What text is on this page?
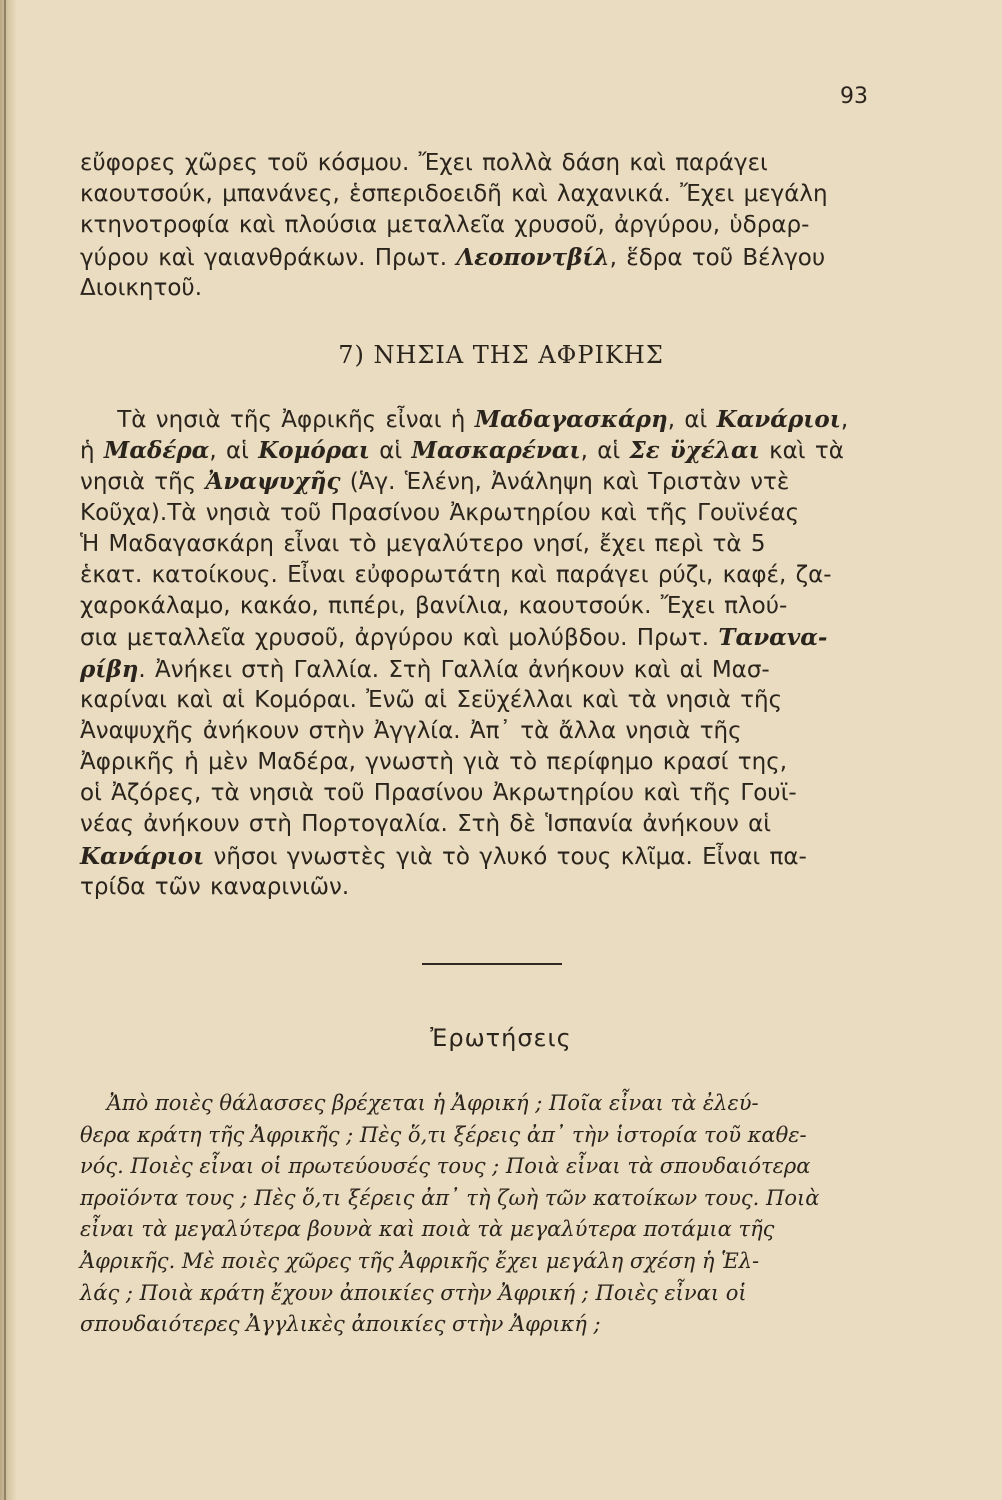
93
εὔφορες χῶρες τοῦ κόσμου. Ἔχει πολλὰ δάση καὶ παράγει
καουτσούκ, μπανάνες, ἑσπεριδοειδῆ καὶ λαχανικά. Ἔχει μεγάλη
κτηνοτροφία καὶ πλούσια μεταλλεῖα χρυσοῦ, ἀργύρου, ὑδραρ-
γύρου καὶ γαιανθράκων. Πρωτ. Λεοποντβίλ, ἕδρα τοῦ Βέλγου
Διοικητοῦ.
7) ΝΗΣΙΑ ΤΗΣ ΑΦΡΙΚΗΣ
Τὰ νησιὰ τῆς Ἀφρικῆς εἶναι ἡ Μαδαγασκάρη, αἱ Κανάριοι,
ἡ Μαδέρα, αἱ Κομόραι αἱ Μασκαρέναι, αἱ Σε ϋχέλαι καὶ τὰ
νησιὰ τῆς Ἀναψυχῆς (Ἁγ. Ἑλένη, Ἀνάληψη καὶ Τριστὰν ντὲ
Κοῦχα).Τὰ νησιὰ τοῦ Πρασίνου Ἀκρωτηρίου καὶ τῆς Γουϊνέας
Ἡ Μαδαγασκάρη εἶναι τὸ μεγαλύτερο νησί, ἔχει περὶ τὰ 5
ἑκατ. κατοίκους. Εἶναι εὐφορωτάτη καὶ παράγει ρύζι, καφέ, ζα-
χαροκάλαμο, κακάο, πιπέρι, βανίλια, καουτσούκ. Ἔχει πλού-
σια μεταλλεῖα χρυσοῦ, ἀργύρου καὶ μολύβδου. Πρωτ. Ταναvα-
ρίβη. Ἀνήκει στὴ Γαλλία. Στὴ Γαλλία ἀνήκουν καὶ αἱ Μασ-
καρίναι καὶ αἱ Κομόραι. Ἐνῶ αἱ Σεϋχέλλαι καὶ τὰ νησιὰ τῆς
Ἀναψυχῆς ἀνήκουν στὴν Ἀγγλία. Ἀπ᾽ τὰ ἄλλα νησιὰ τῆς
Ἀφρικῆς ἡ μὲν Μαδέρα, γνωστὴ γιὰ τὸ περίφημο κρασί της,
οἱ Ἀζόρες, τὰ νησιὰ τοῦ Πρασίνου Ἀκρωτηρίου καὶ τῆς Γουϊ-
νέας ἀνήκουν στὴ Πορτογαλία. Στὴ δὲ Ἱσπανία ἀνήκουν αἱ
Κανάριοι νῆσοι γνωστὲς γιὰ τὸ γλυκό τους κλῖμα. Εἶναι πα-
τρίδα τῶν καναρινιῶν.
Ἐρωτήσεις
Ἀπὸ ποιὲς θάλασσες βρέχεται ἡ Ἀφρική ; Ποῖα εἶναι τὰ ἐλεύ-
θερα κράτη τῆς Ἀφρικῆς ; Πὲς ὅ,τι ξέρεις ἀπ᾽ τὴν ἱστορία τοῦ καθε-
νός. Ποιὲς εἶναι οἱ πρωτεύουσές τους ; Ποιὰ εἶναι τὰ σπουδαιότερα
προϊόντα τους ; Πὲς ὅ,τι ξέρεις ἀπ᾽ τὴ ζωὴ τῶν κατοίκων τους. Ποιὰ
εἶναι τὰ μεγαλύτερα βουνὰ καὶ ποιὰ τὰ μεγαλύτερα ποτάμια τῆς
Ἀφρικῆς. Μὲ ποιὲς χῶρες τῆς Ἀφρικῆς ἔχει μεγάλη σχέση ἡ Ἑλ-
λάς ; Ποιὰ κράτη ἔχουν ἀποικίες στὴν Ἀφρική ; Ποιὲς εἶναι οἱ
σπουδαιότερες Ἀγγλικὲς ἀποικίες στὴν Ἀφρική ;
